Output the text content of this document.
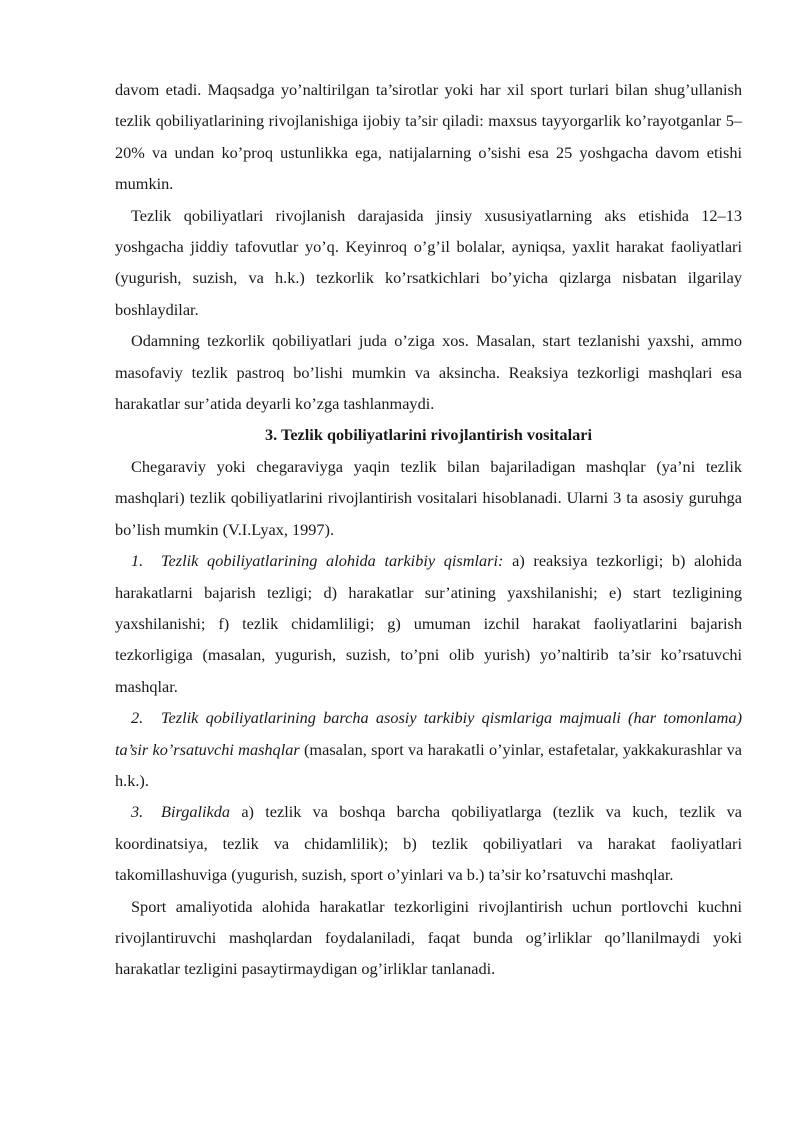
davom etadi. Maqsadga yo’naltirilgan ta’sirotlar yoki har xil sport turlari bilan shug’ullanish tezlik qobiliyatlarining rivojlanishiga ijobiy ta’sir qiladi: maxsus tayyorgarlik ko’rayotganlar 5–20% va undan ko’proq ustunlikka ega, natijalarning o’sishi esa 25 yoshgacha davom etishi mumkin.

Tezlik qobiliyatlari rivojlanish darajasida jinsiy xususiyatlarning aks etishida 12–13 yoshgacha jiddiy tafovutlar yo’q. Keyinroq o’g’il bolalar, ayniqsa, yaxlit harakat faoliyatlari (yugurish, suzish, va h.k.) tezkorlik ko’rsatkichlari bo’yicha qizlarga nisbatan ilgarilay boshlaydilar.

Odamning tezkorlik qobiliyatlari juda o’ziga xos. Masalan, start tezlanishi yaxshi, ammo masofaviy tezlik pastroq bo’lishi mumkin va aksincha. Reaksiya tezkorligi mashqlari esa harakatlar sur’atida deyarli ko’zga tashlanmaydi.

3. Tezlik qobiliyatlarini rivojlantirish vositalari

Chegaraviy yoki chegaraviyga yaqin tezlik bilan bajariladigan mashqlar (ya’ni tezlik mashqlari) tezlik qobiliyatlarini rivojlantirish vositalari hisoblanadi. Ularni 3 ta asosiy guruhga bo’lish mumkin (V.I.Lyax, 1997).

1. Tezlik qobiliyatlarining alohida tarkibiy qismlari: a) reaksiya tezkorligi; b) alohida harakatlarni bajarish tezligi; d) harakatlar sur’atining yaxshilanishi; e) start tezligining yaxshilanishi; f) tezlik chidamliligi; g) umuman izchil harakat faoliyatlarini bajarish tezkorligiga (masalan, yugurish, suzish, to’pni olib yurish) yo’naltirib ta’sir ko’rsatuvchi mashqlar.

2. Tezlik qobiliyatlarining barcha asosiy tarkibiy qismlariga majmuali (har tomonlama) ta’sir ko’rsatuvchi mashqlar (masalan, sport va harakatli o’yinlar, estafetalar, yakkakurashlar va h.k.).

3. Birgalikda a) tezlik va boshqa barcha qobiliyatlarga (tezlik va kuch, tezlik va koordinatsiya, tezlik va chidamlilik); b) tezlik qobiliyatlari va harakat faoliyatlari takomillashuviga (yugurish, suzish, sport o’yinlari va b.) ta’sir ko’rsatuvchi mashqlar.

Sport amaliyotida alohida harakatlar tezkorligini rivojlantirish uchun portlovchi kuchni rivojlantiruvchi mashqlardan foydalaniladi, faqat bunda og’irliklar qo’llanilmaydi yoki harakatlar tezligini pasaytirmaydigan og’irliklar tanlanadi.
